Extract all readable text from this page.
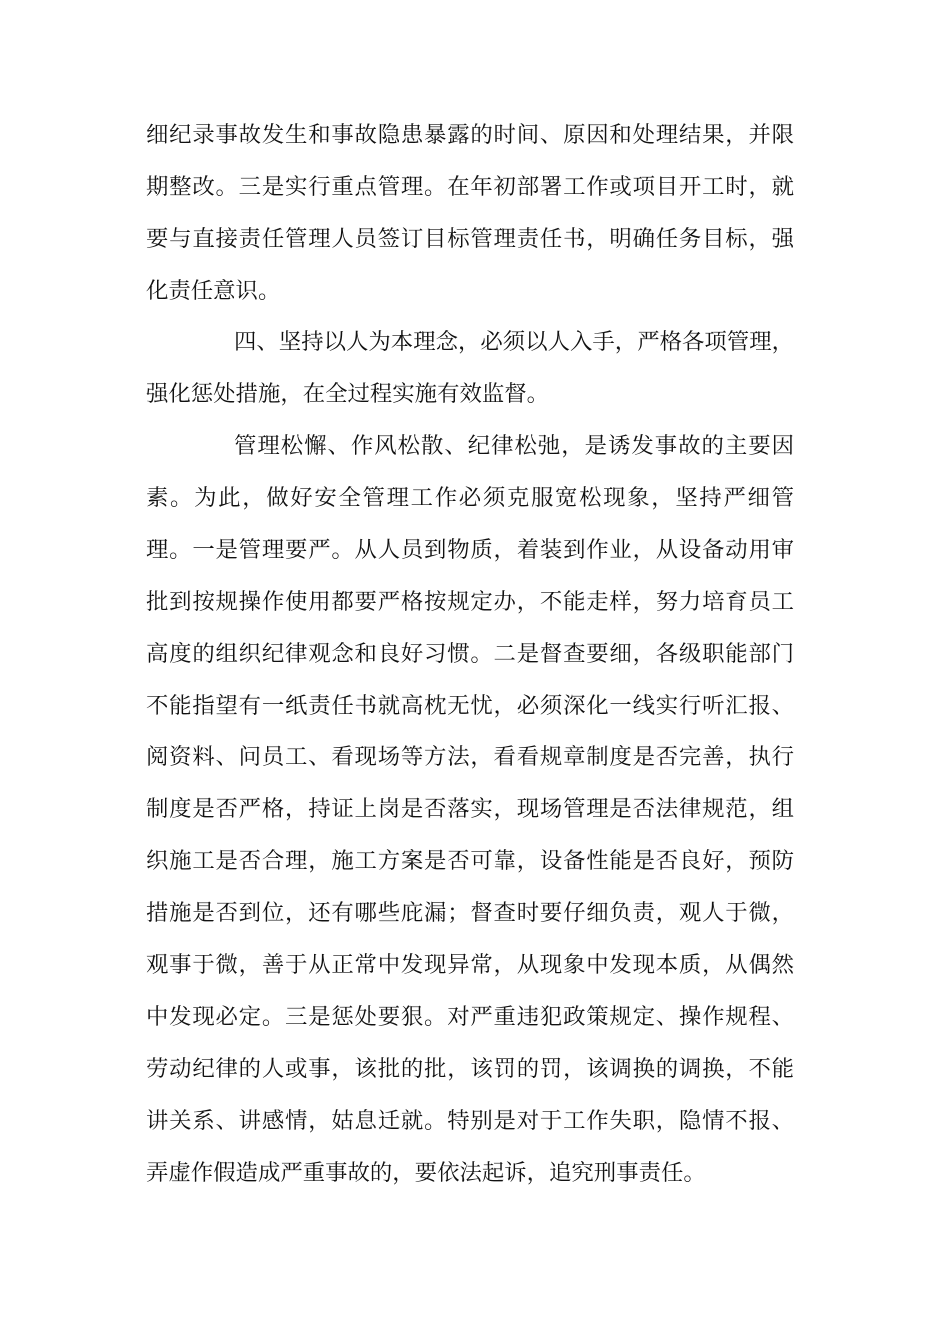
细纪录事故发生和事故隐患暴露的时间、原因和处理结果，并限期整改。三是实行重点管理。在年初部署工作或项目开工时，就要与直接责任管理人员签订目标管理责任书，明确任务目标，强化责任意识。

四、坚持以人为本理念，必须以人入手，严格各项管理，强化惩处措施，在全过程实施有效监督。

管理松懈、作风松散、纪律松弛，是诱发事故的主要因素。为此，做好安全管理工作必须克服宽松现象，坚持严细管理。一是管理要严。从人员到物质，着装到作业，从设备动用审批到按规操作使用都要严格按规定办，不能走样，努力培育员工高度的组织纪律观念和良好习惯。二是督查要细，各级职能部门不能指望有一纸责任书就高枕无忧，必须深化一线实行听汇报、阅资料、问员工、看现场等方法，看看规章制度是否完善，执行制度是否严格，持证上岗是否落实，现场管理是否法律规范，组织施工是否合理，施工方案是否可靠，设备性能是否良好，预防措施是否到位，还有哪些庇漏；督查时要仔细负责，观人于微，观事于微，善于从正常中发现异常，从现象中发现本质，从偶然中发现必定。三是惩处要狠。对严重违犯政策规定、操作规程、劳动纪律的人或事，该批的批，该罚的罚，该调换的调换，不能讲关系、讲感情，姑息迁就。特别是对于工作失职，隐情不报、弄虚作假造成严重事故的，要依法起诉，追究刑事责任。
